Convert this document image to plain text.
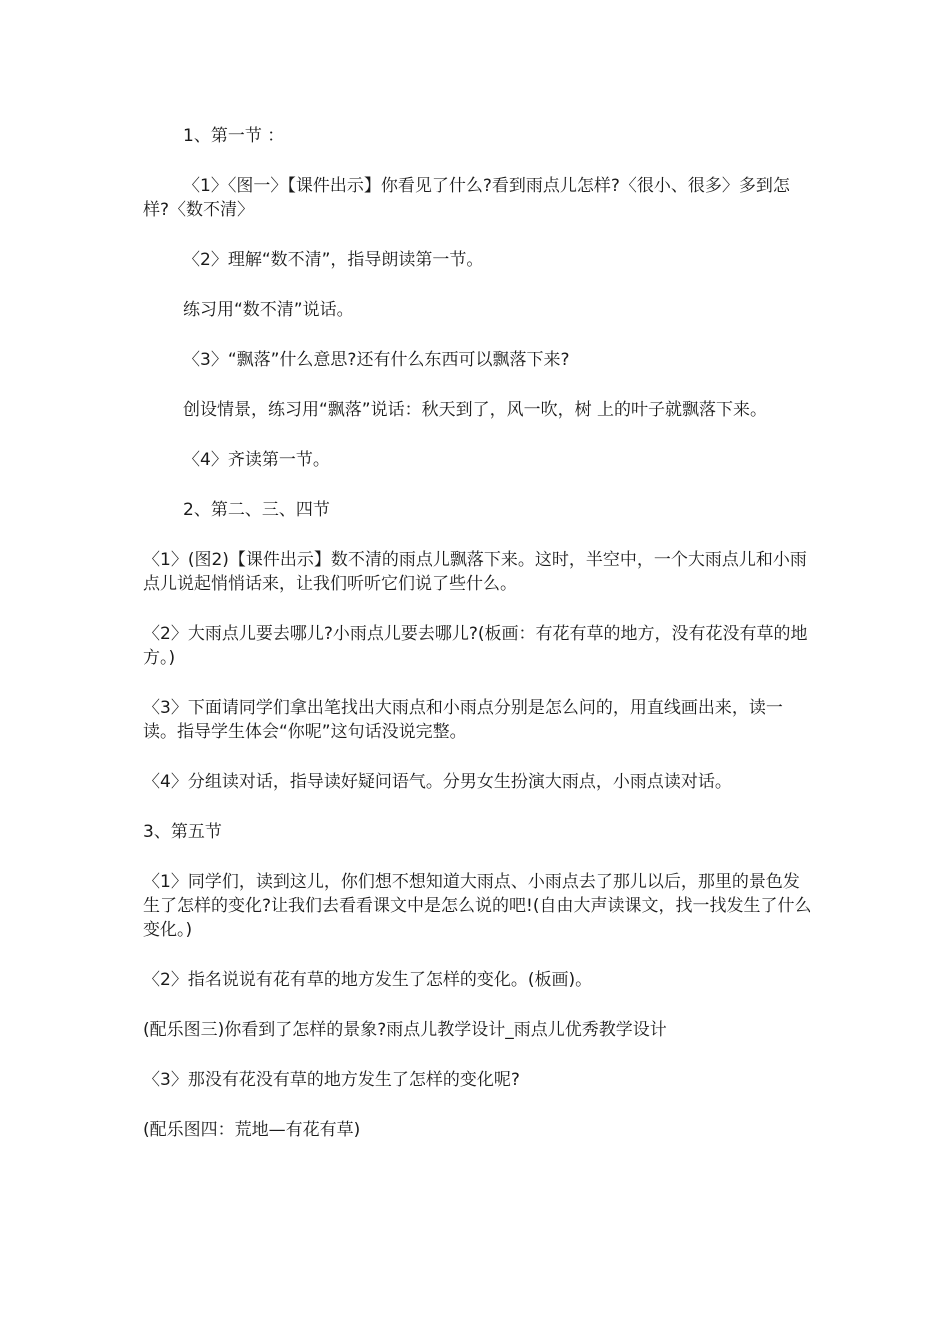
1、第一节 ：

〈1〉〈图一〉【课件出示】你看见了什么?看到雨点儿怎样?〈很小、很多〉多到怎样?〈数不清〉

〈2〉理解“数不清”，指导朗读第一节。

练习用“数不清”说话。

〈3〉“飘落”什么意思?还有什么东西可以飘落下来?

创设情景，练习用“飘落”说话：秋天到了，风一吹，树 上的叶子就飘落下来。

〈4〉齐读第一节。

2、第二、三、四节

〈1〉(图2)【课件出示】数不清的雨点儿飘落下来。这时，半空中，一个大雨点儿和小雨点儿说起悄悄话来，让我们听听它们说了些什么。

〈2〉大雨点儿要去哪儿?小雨点儿要去哪儿?(板画：有花有草的地方，没有花没有草的地方。)

〈3〉下面请同学们拿出笔找出大雨点和小雨点分别是怎么问的，用直线画出来，读一读。指导学生体会“你呢”这句话没说完整。

〈4〉分组读对话，指导读好疑问语气。分男女生扮演大雨点，小雨点读对话。

3、第五节

〈1〉同学们，读到这儿，你们想不想知道大雨点、小雨点去了那儿以后，那里的景色发生了怎样的变化?让我们去看看课文中是怎么说的吧!(自由大声读课文，找一找发生了什么变化。)

〈2〉指名说说有花有草的地方发生了怎样的变化。(板画)。

(配乐图三)你看到了怎样的景象?雨点儿教学设计_雨点儿优秀教学设计

〈3〉那没有花没有草的地方发生了怎样的变化呢?

(配乐图四：荒地—有花有草)
